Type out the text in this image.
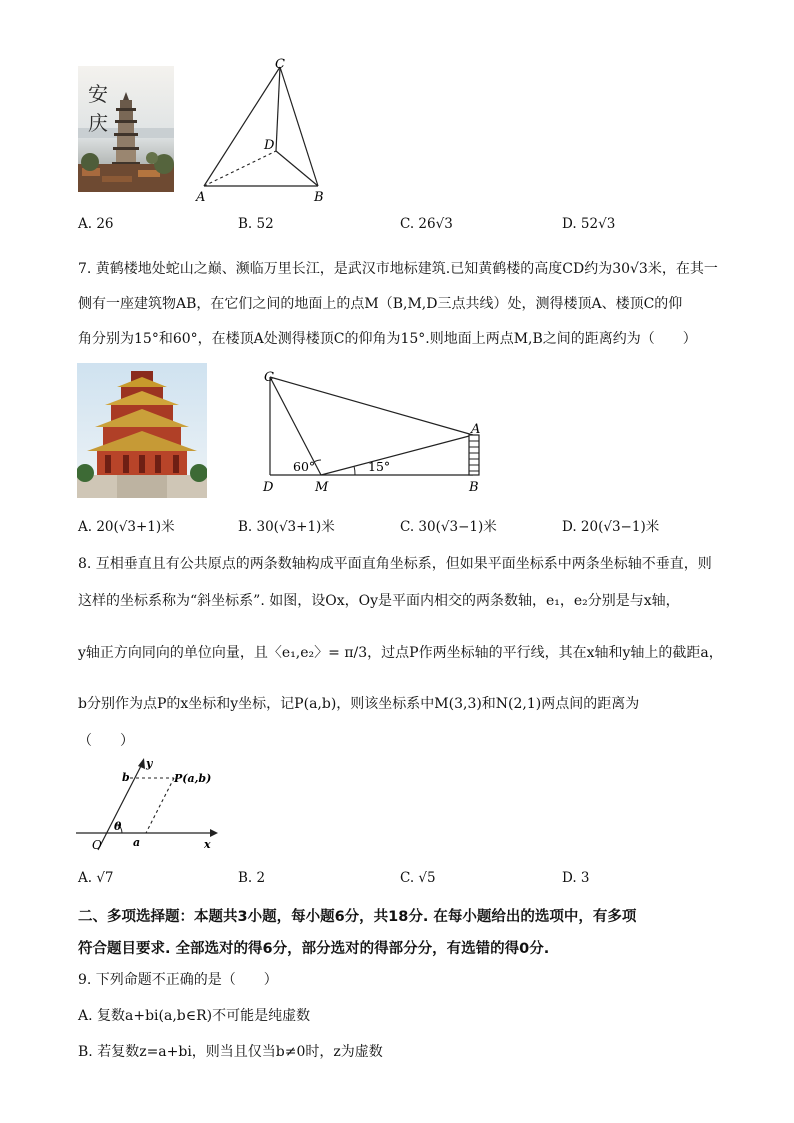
安 庆
C
D
A	B
A. 26	B. 52	C. 26√3	D. 52√3
7. 黄鹤楼地处蛇山之巅、濒临万里长江，是武汉市地标建筑.已知黄鹤楼的高度CD约为30√3米，在其一
侧有一座建筑物AB，在它们之间的地面上的点M（B,M,D三点共线）处，测得楼顶A、楼顶C的仰
角分别为15°和60°，在楼顶A处测得楼顶C的仰角为15°.则地面上两点M,B之间的距离约为（　　）
C
A
D	M	B
60°	15°
A. 20(√3+1)米	B. 30(√3+1)米	C. 30(√3−1)米	D. 20(√3−1)米
8. 互相垂直且有公共原点的两条数轴构成平面直角坐标系，但如果平面坐标系中两条坐标轴不垂直，则
这样的坐标系称为“斜坐标系”. 如图，设Ox，Oy是平面内相交的两条数轴，e₁，e₂分别是与x轴，
y轴正方向同向的单位向量，且〈e₁,e₂〉= π/3，过点P作两坐标轴的平行线，其在x轴和y轴上的截距a，
b分别作为点P的x坐标和y坐标，记P(a,b)，则该坐标系中M(3,3)和N(2,1)两点间的距离为
（　　）
y
x
O	a
b	P(a,b)
θ
A. √7	B. 2	C. √5	D. 3
二、多项选择题：本题共3小题，每小题6分，共18分. 在每小题给出的选项中，有多项
符合题目要求. 全部选对的得6分，部分选对的得部分分，有选错的得0分.
9. 下列命题不正确的是（　　）
A. 复数a+bi(a,b∈R)不可能是纯虚数
B. 若复数z=a+bi，则当且仅当b≠0时，z为虚数
